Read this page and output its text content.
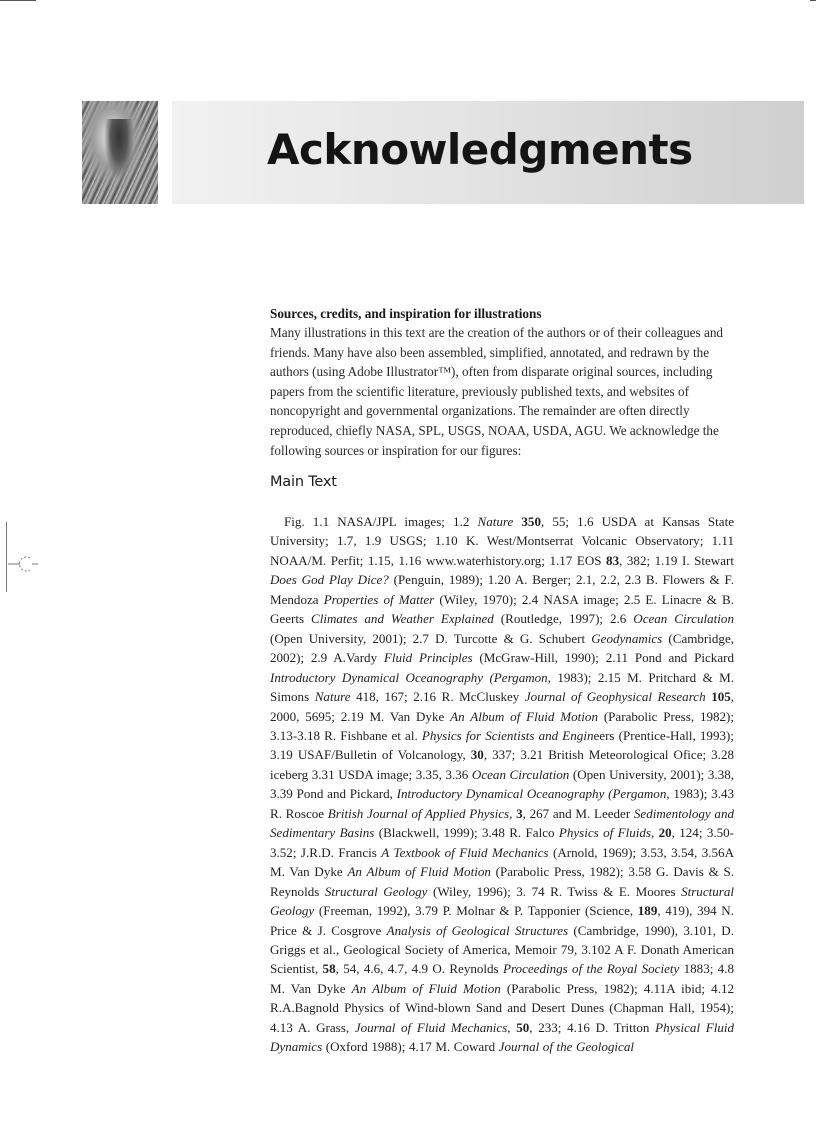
Acknowledgments
Sources, credits, and inspiration for illustrations

Many illustrations in this text are the creation of the authors or of their colleagues and friends. Many have also been assembled, simplified, annotated, and redrawn by the authors (using Adobe Illustrator™), often from disparate original sources, including papers from the scientific literature, previously published texts, and websites of noncopyright and governmental organizations. The remainder are often directly reproduced, chiefly NASA, SPL, USGS, NOAA, USDA, AGU. We acknowledge the following sources or inspiration for our figures:

Main Text

Fig. 1.1 NASA/JPL images; 1.2 Nature 350, 55; 1.6 USDA at Kansas State University; 1.7, 1.9 USGS; 1.10 K. West/Montserrat Volcanic Observatory; 1.11 NOAA/M. Perfit; 1.15, 1.16 www.waterhistory.org; 1.17 EOS 83, 382; 1.19 I. Stewart Does God Play Dice? (Penguin, 1989); 1.20 A. Berger; 2.1, 2.2, 2.3 B. Flowers & F. Mendoza Properties of Matter (Wiley, 1970); 2.4 NASA image; 2.5 E. Linacre & B. Geerts Climates and Weather Explained (Routledge, 1997); 2.6 Ocean Circulation (Open University, 2001); 2.7 D. Turcotte & G. Schubert Geodynamics (Cambridge, 2002); 2.9 A.Vardy Fluid Principles (McGraw-Hill, 1990); 2.11 Pond and Pickard Introductory Dynamical Oceanography (Pergamon, 1983); 2.15 M. Pritchard & M. Simons Nature 418, 167; 2.16 R. McCluskey Journal of Geophysical Research 105, 2000, 5695; 2.19 M. Van Dyke An Album of Fluid Motion (Parabolic Press, 1982); 3.13-3.18 R. Fishbane et al. Physics for Scientists and Engineers (Prentice-Hall, 1993); 3.19 USAF/Bulletin of Volcanology, 30, 337; 3.21 British Meteorological Ofice; 3.28 iceberg 3.31 USDA image; 3.35, 3.36 Ocean Circulation (Open University, 2001); 3.38, 3.39 Pond and Pickard, Introductory Dynamical Oceanography (Pergamon, 1983); 3.43 R. Roscoe British Journal of Applied Physics, 3, 267 and M. Leeder Sedimentology and Sedimentary Basins (Blackwell, 1999); 3.48 R. Falco Physics of Fluids, 20, 124; 3.50-3.52; J.R.D. Francis A Textbook of Fluid Mechanics (Arnold, 1969); 3.53, 3.54, 3.56A M. Van Dyke An Album of Fluid Motion (Parabolic Press, 1982); 3.58 G. Davis & S. Reynolds Structural Geology (Wiley, 1996); 3. 74 R. Twiss & E. Moores Structural Geology (Freeman, 1992), 3.79 P. Molnar & P. Tapponier (Science, 189, 419), 394 N. Price & J. Cosgrove Analysis of Geological Structures (Cambridge, 1990), 3.101, D. Griggs et al., Geological Society of America, Memoir 79, 3.102 A F. Donath American Scientist, 58, 54, 4.6, 4.7, 4.9 O. Reynolds Proceedings of the Royal Society 1883; 4.8 M. Van Dyke An Album of Fluid Motion (Parabolic Press, 1982); 4.11A ibid; 4.12 R.A.Bagnold Physics of Wind-blown Sand and Desert Dunes (Chapman Hall, 1954); 4.13 A. Grass, Journal of Fluid Mechanics, 50, 233; 4.16 D. Tritton Physical Fluid Dynamics (Oxford 1988); 4.17 M. Coward Journal of the Geological
